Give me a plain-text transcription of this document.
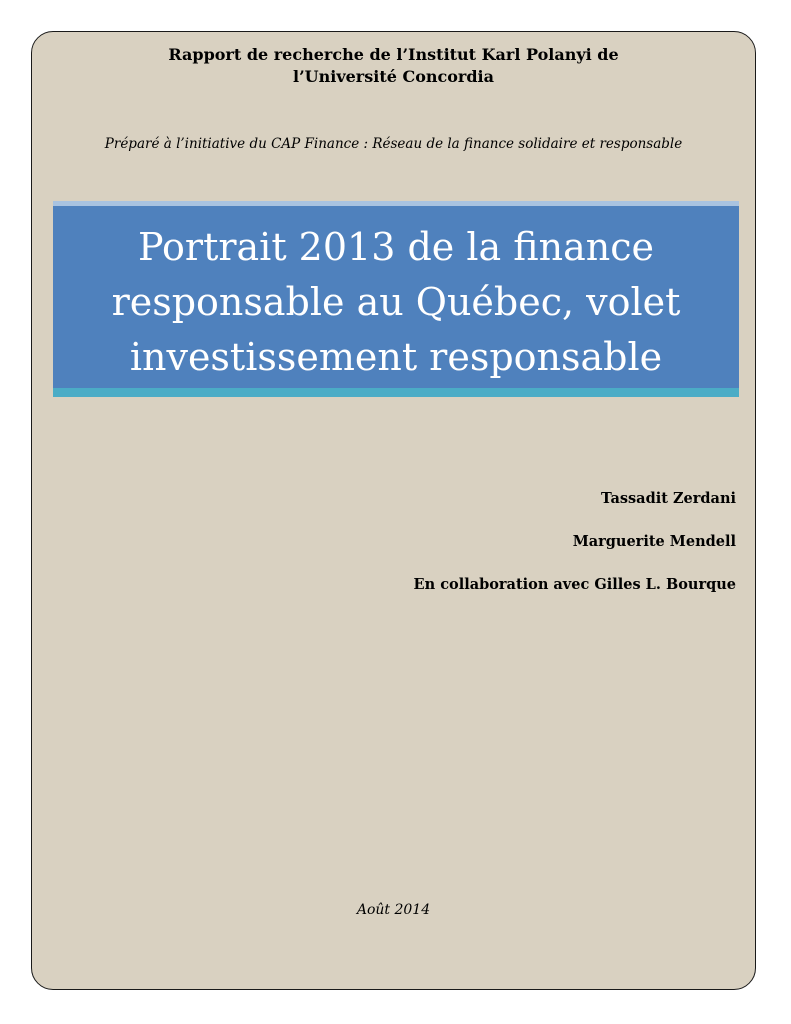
Rapport de recherche de l’Institut Karl Polanyi de
l’Université Concordia
Préparé à l’initiative du CAP Finance : Réseau de la finance solidaire et responsable
Portrait 2013 de la finance
responsable au Québec, volet
investissement responsable
Tassadit Zerdani
Marguerite Mendell
En collaboration avec Gilles L. Bourque
Août 2014
